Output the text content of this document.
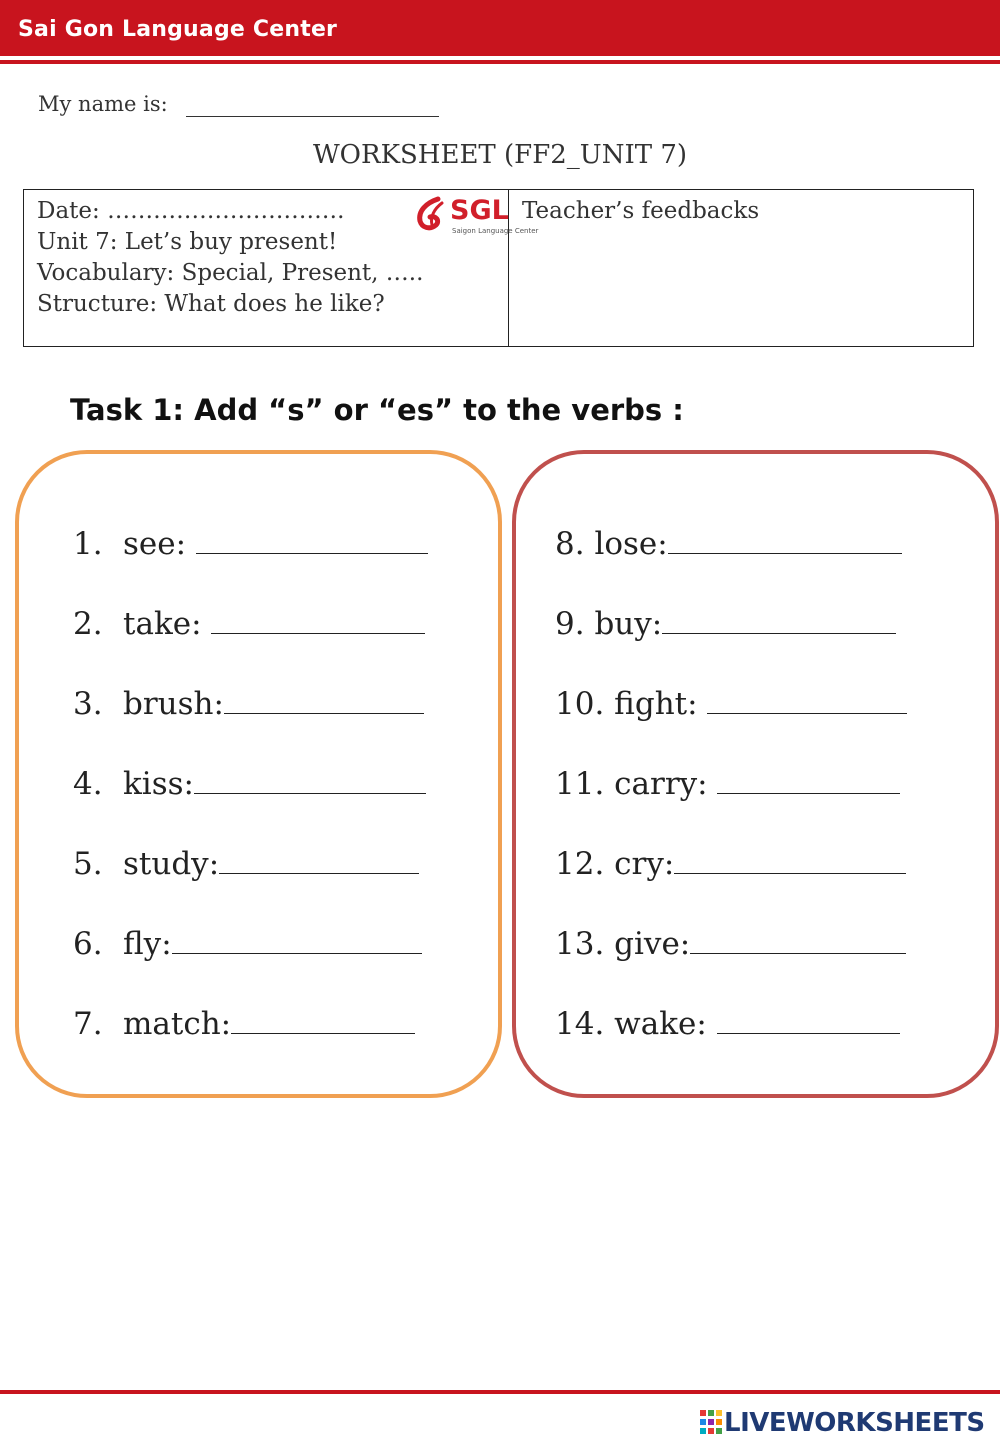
Sai Gon Language Center
My name is:
WORKSHEET (FF2_UNIT 7)
Date: ………………………….
Unit 7: Let’s buy present!
Vocabulary: Special, Present, …..
Structure: What does he like?
SGL
Saigon Language Center
Teacher’s feedbacks
Task 1: Add “s” or “es” to the verbs :
1. see:
2. take:
3. brush:
4. kiss:
5. study:
6. fly:
7. match:
8. lose:
9. buy:
10. fight:
11. carry:
12. cry:
13. give:
14. wake:
LIVEWORKSHEETS
